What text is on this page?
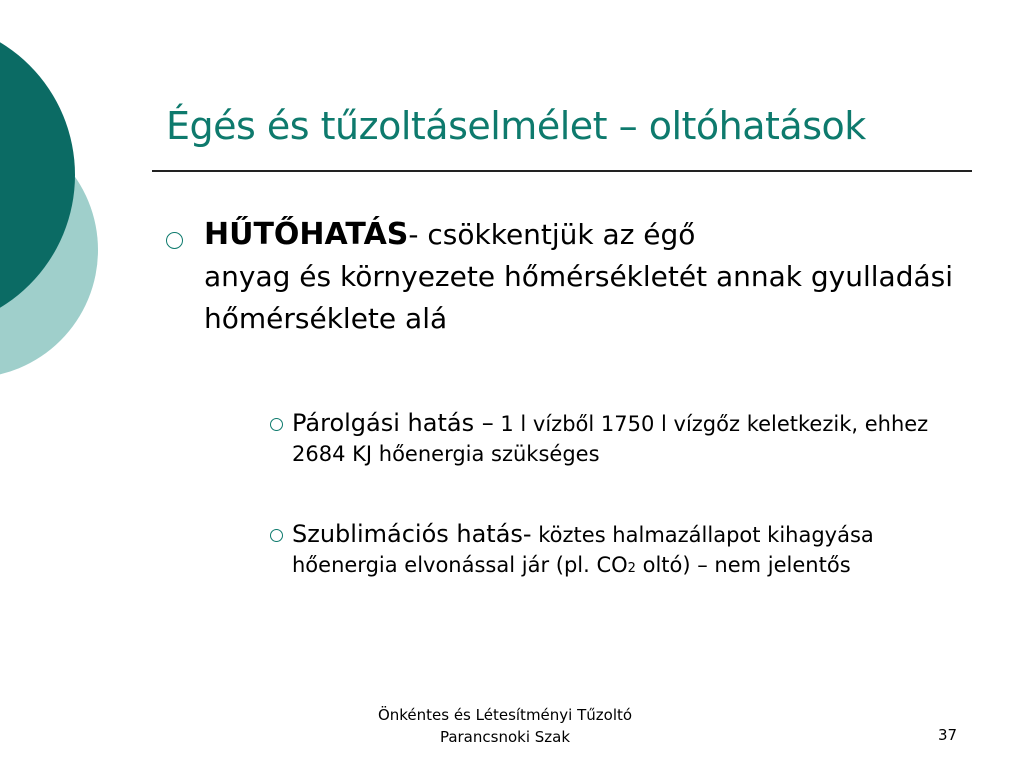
Égés és tűzoltáselmélet – oltóhatások
HŰTŐHATÁS- csökkentjük az égő
anyag és környezete hőmérsékletét annak gyulladási hőmérséklete alá
Párolgási hatás – 1 l vízből 1750 l vízgőz keletkezik, ehhez 2684 KJ hőenergia szükséges
Szublimációs hatás- köztes halmazállapot kihagyása hőenergia elvonással jár (pl. CO2 oltó) – nem jelentős
Önkéntes és Létesítményi Tűzoltó
Parancsnoki Szak	37
